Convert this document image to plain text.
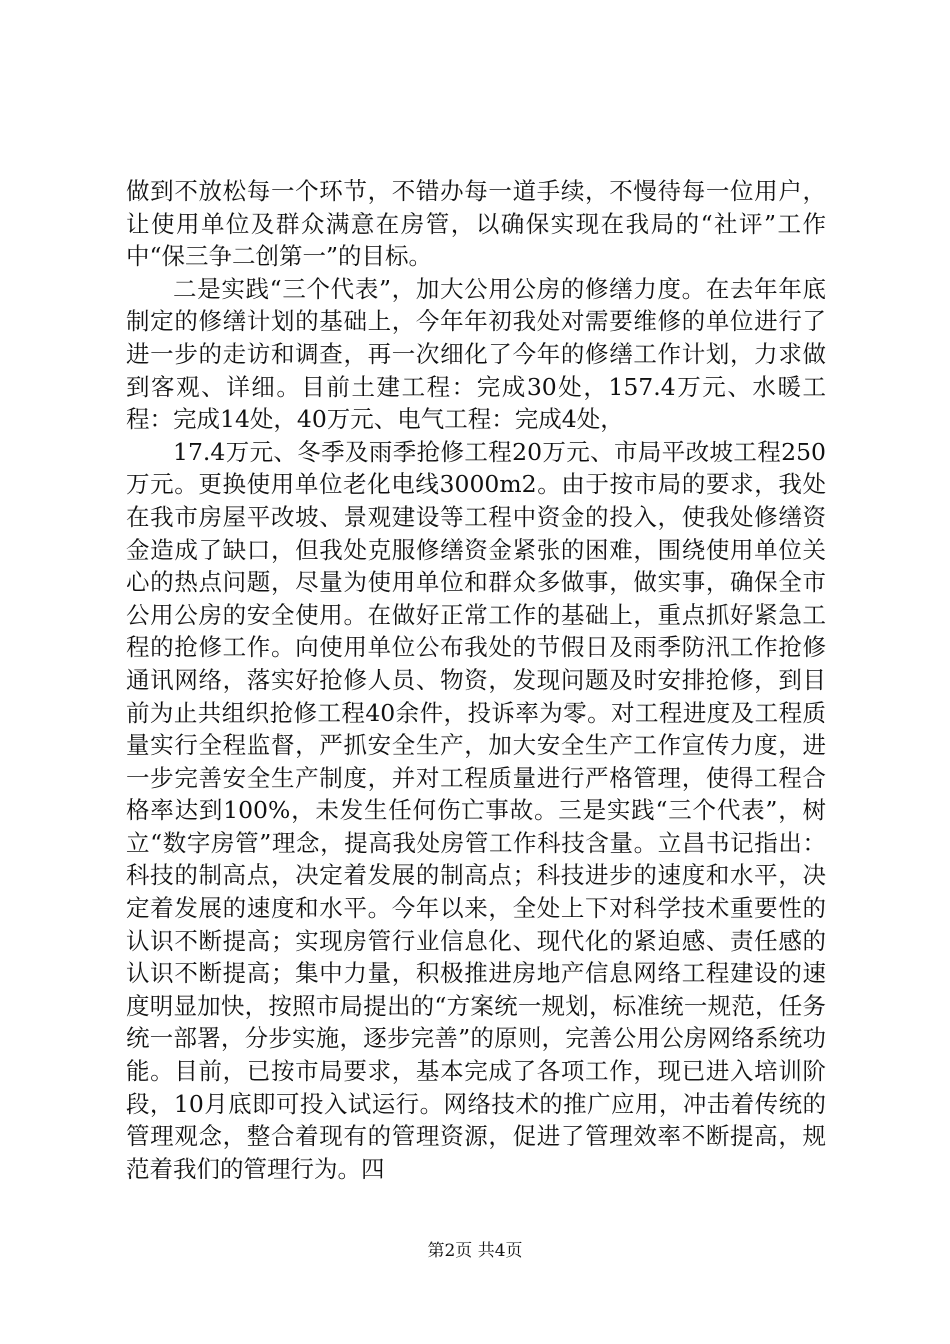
做到不放松每一个环节，不错办每一道手续，不慢待每一位用户，让使用单位及群众满意在房管，以确保实现在我局的“社评”工作中“保三争二创第一”的目标。

二是实践“三个代表”，加大公用公房的修缮力度。在去年年底制定的修缮计划的基础上，今年年初我处对需要维修的单位进行了进一步的走访和调查，再一次细化了今年的修缮工作计划，力求做到客观、详细。目前土建工程：完成30处，157.4万元、水暖工程：完成14处，40万元、电气工程：完成4处，

17.4万元、冬季及雨季抢修工程20万元、市局平改坡工程250万元。更换使用单位老化电线3000m2。由于按市局的要求，我处在我市房屋平改坡、景观建设等工程中资金的投入，使我处修缮资金造成了缺口，但我处克服修缮资金紧张的困难，围绕使用单位关心的热点问题，尽量为使用单位和群众多做事，做实事，确保全市公用公房的安全使用。在做好正常工作的基础上，重点抓好紧急工程的抢修工作。向使用单位公布我处的节假日及雨季防汛工作抢修通讯网络，落实好抢修人员、物资，发现问题及时安排抢修，到目前为止共组织抢修工程40余件，投诉率为零。对工程进度及工程质量实行全程监督，严抓安全生产，加大安全生产工作宣传力度，进一步完善安全生产制度，并对工程质量进行严格管理，使得工程合格率达到100%，未发生任何伤亡事故。三是实践“三个代表”，树立“数字房管”理念，提高我处房管工作科技含量。立昌书记指出：科技的制高点，决定着发展的制高点；科技进步的速度和水平，决定着发展的速度和水平。今年以来，全处上下对科学技术重要性的认识不断提高；实现房管行业信息化、现代化的紧迫感、责任感的认识不断提高；集中力量，积极推进房地产信息网络工程建设的速度明显加快，按照市局提出的“方案统一规划，标准统一规范，任务统一部署，分步实施，逐步完善”的原则，完善公用公房网络系统功能。目前，已按市局要求，基本完成了各项工作，现已进入培训阶段，10月底即可投入试运行。网络技术的推广应用，冲击着传统的管理观念，整合着现有的管理资源，促进了管理效率不断提高，规范着我们的管理行为。四

第2页 共4页
